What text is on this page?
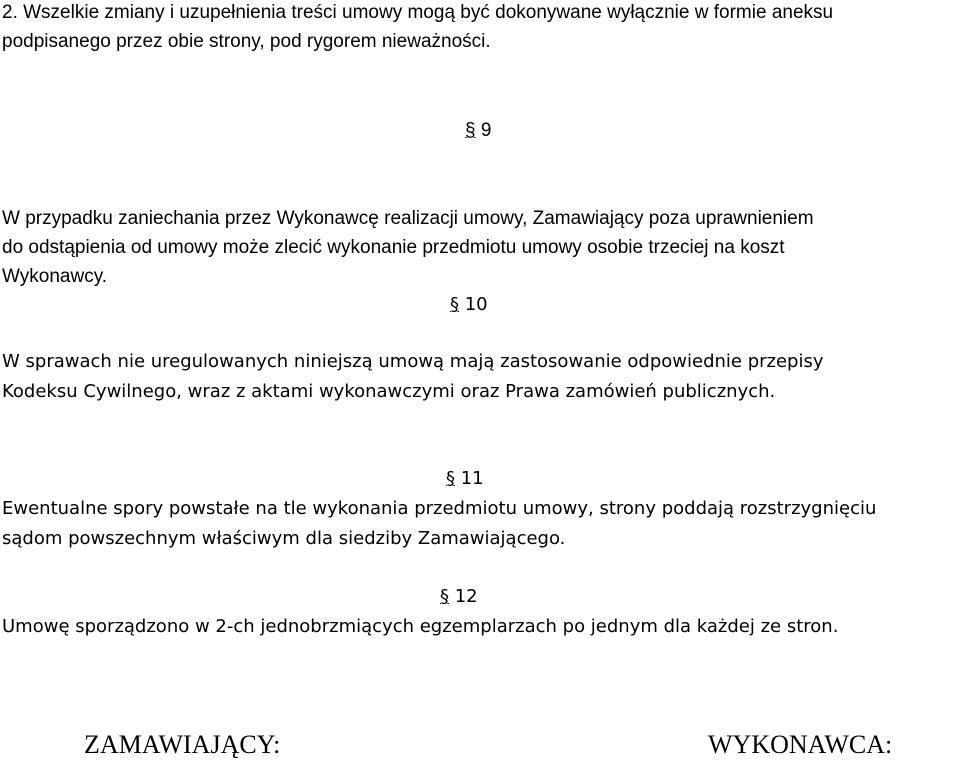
2. Wszelkie zmiany i uzupełnienia treści umowy mogą być dokonywane wyłącznie w formie aneksu
podpisanego przez obie strony, pod rygorem nieważności.
§ 9
W przypadku zaniechania przez Wykonawcę realizacji umowy, Zamawiający poza uprawnieniem
do odstąpienia od umowy może zlecić wykonanie przedmiotu umowy osobie trzeciej na koszt
Wykonawcy.
§ 10
W sprawach nie uregulowanych niniejszą umową mają zastosowanie odpowiednie przepisy
Kodeksu Cywilnego, wraz z aktami wykonawczymi oraz Prawa zamówień publicznych.
§ 11
Ewentualne spory powstałe na tle wykonania przedmiotu umowy, strony poddają rozstrzygnięciu
sądom powszechnym właściwym dla siedziby Zamawiającego.
§ 12
Umowę sporządzono w 2-ch jednobrzmiących egzemplarzach po jednym dla każdej ze stron.
ZAMAWIAJĄCY:	WYKONAWCA:
